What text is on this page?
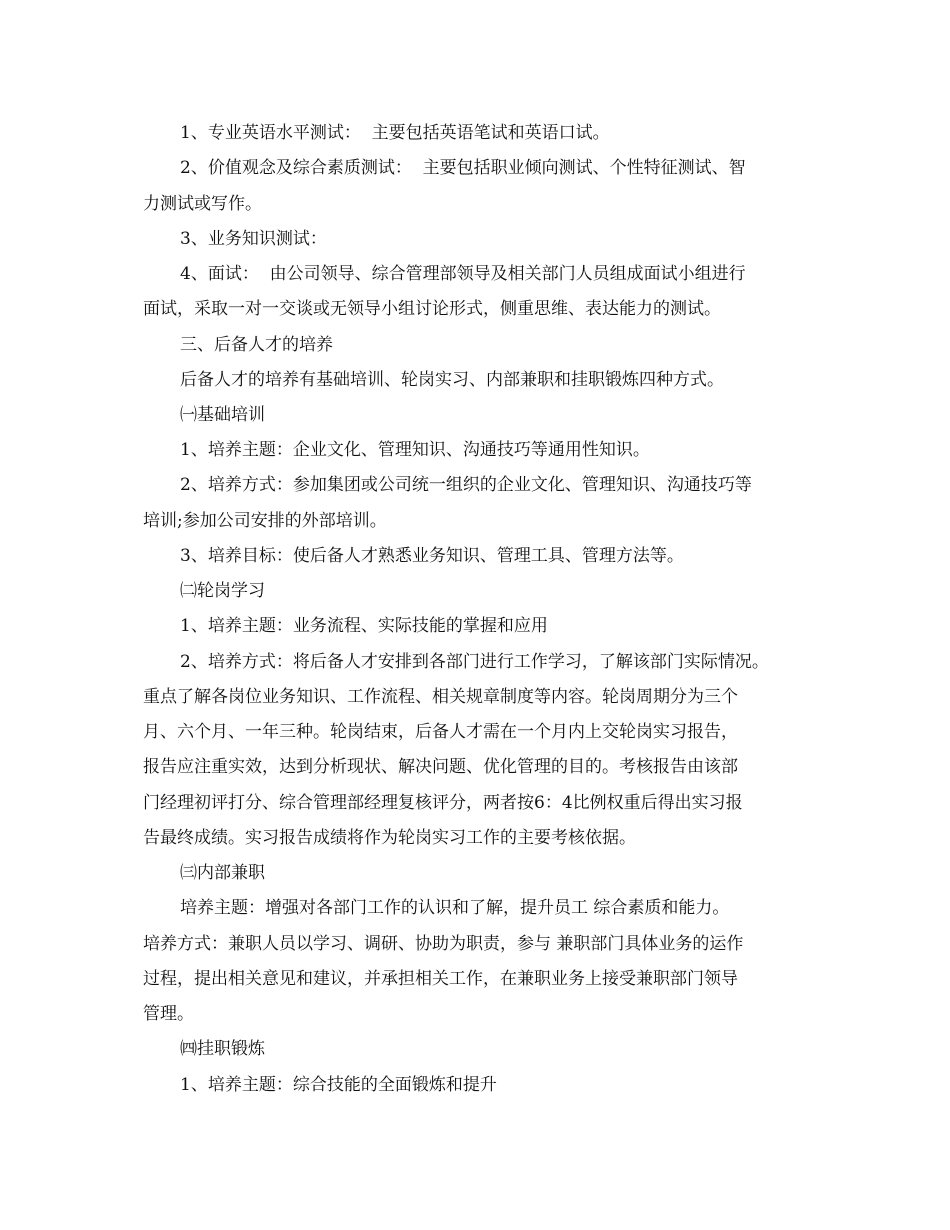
1、专业英语水平测试：  主要包括英语笔试和英语口试。

2、价值观念及综合素质测试：  主要包括职业倾向测试、个性特征测试、智

力测试或写作。

3、业务知识测试：

4、面试：  由公司领导、综合管理部领导及相关部门人员组成面试小组进行

面试，采取一对一交谈或无领导小组讨论形式，侧重思维、表达能力的测试。

三、后备人才的培养

后备人才的培养有基础培训、轮岗实习、内部兼职和挂职锻炼四种方式。

㈠基础培训

1、培养主题：企业文化、管理知识、沟通技巧等通用性知识。

2、培养方式：参加集团或公司统一组织的企业文化、管理知识、沟通技巧等

培训;参加公司安排的外部培训。

3、培养目标：使后备人才熟悉业务知识、管理工具、管理方法等。

㈡轮岗学习

1、培养主题：业务流程、实际技能的掌握和应用

2、培养方式：将后备人才安排到各部门进行工作学习，了解该部门实际情况。

重点了解各岗位业务知识、工作流程、相关规章制度等内容。轮岗周期分为三个

月、六个月、一年三种。轮岗结束，后备人才需在一个月内上交轮岗实习报告，

报告应注重实效，达到分析现状、解决问题、优化管理的目的。考核报告由该部

门经理初评打分、综合管理部经理复核评分，两者按6：4比例权重后得出实习报

告最终成绩。实习报告成绩将作为轮岗实习工作的主要考核依据。

㈢内部兼职

培养主题：增强对各部门工作的认识和了解，提升员工 综合素质和能力。

培养方式：兼职人员以学习、调研、协助为职责，参与 兼职部门具体业务的运作

过程，提出相关意见和建议，并承担相关工作，在兼职业务上接受兼职部门领导

管理。

㈣挂职锻炼

1、培养主题：综合技能的全面锻炼和提升
